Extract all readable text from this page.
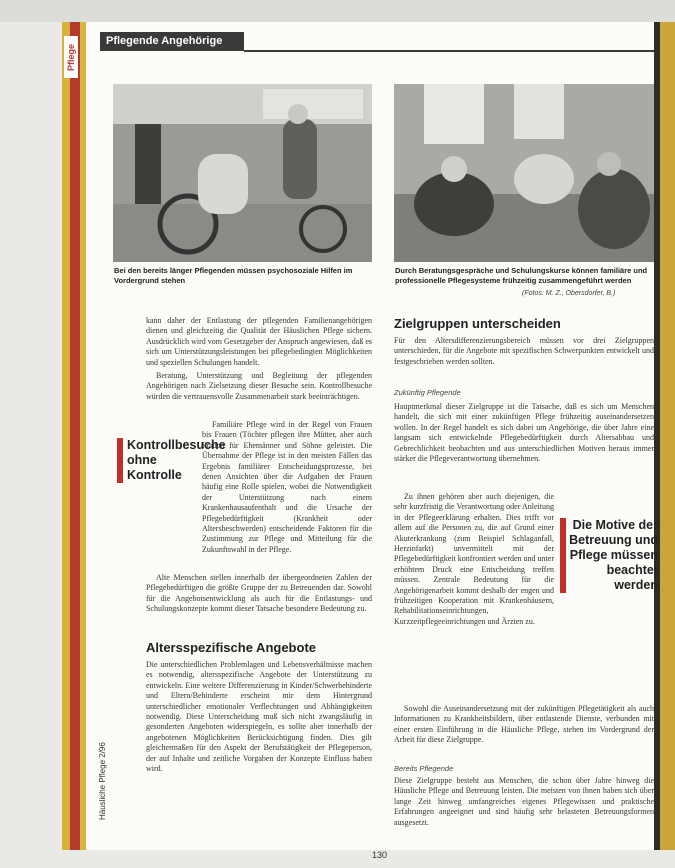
Pflege
Pflegende Angehörige
Bei den bereits länger Pflegenden müssen psychosoziale Hilfen im Vordergrund stehen
Durch Beratungsgespräche und Schulungskurse können familiäre und professionelle Pflegesysteme frühzeitig zusammengeführt werden
(Fotos: M. Z., Obersdorfer, B.)

kann daher der Entlastung der pflegenden Familienangehörigen dienen und gleichzeitig die Qualität der Häuslichen Pflege sichern. Ausdrücklich wird vom Gesetzgeber der Anspruch angewiesen, daß es sich um Unterstützungsleistungen bei pflegebedingten Möglichkeiten und speziellen Schulungen handelt.

Beratung, Unterstützung und Begleitung der pflegenden Angehörigen nach Zielsetzung dieser Besuche sein. Kontrollbesuche würden die vertrauensvolle Zusammenarbeit stark beeinträchtigen.

Kontrollbesuche ohne Kontrolle

Familiäre Pflege wird in der Regel von Frauen bis Frauen (Töchter pflegen ihre Mütter, aber auch Frauen für Ehemänner und Söhne geleistet. Die Übernahme der Pflege ist in den meisten Fällen das Ergebnis familiärer Entscheidungsprozesse, bei denen Ansichten über die Aufgaben der Frauen häufig eine Rolle spielen, wobei die Notwendigkeit der Unterstützung nach einem Krankenhausaufenthalt und die Ursache der Pflegebedürftigkeit (Krankheit oder Altersbeschwerden) entscheidende Faktoren für die Zustimmung zur Pflege und Mitteilung für die Zukunftswahl in der Pflege.

Alte Menschen stellen innerhalb der übergeordneten Zahlen der Pflegebedürftigen die größte Gruppe der zu Betreuenden dar. Sowohl für die Angebotsentwicklung als auch für die Entlastungs- und Schulungskonzepte kommt dieser Tatsache besondere Bedeutung zu.

Altersspezifische Angebote

Die unterschiedlichen Problemlagen und Lebensverhältnisse machen es notwendig, altersspezifische Angebote der Unterstützung zu entwickeln. Eine weitere Differenzierung in Kinder/Schwerbehinderte und Eltern/Behinderte erscheint mir dem Hintergrund unterschiedlicher emotionaler Verflechtungen und Abhängigkeiten notwendig. Diese Unterscheidung muß sich nicht zwangsläufig in gesonderten Angeboten widerspiegeln, es sollte aber innerhalb der angebotenen Möglichkeiten Berücksichtigung finden. Dies gilt gleichermaßen für den Aspekt der Berufstätigkeit der Pflegeperson, der auf Inhalte und zeitliche Vorgaben der Konzepte Einfluss haben wird.

Zielgruppen unterscheiden

Für den Altersdifferenzierungsbereich müssen vor drei Zielgruppen unterschieden, für die Angebote mit spezifischen Schwerpunkten entwickelt und festgeschrieben werden sollten.

Zukünftig Pflegende

Hauptmerkmal dieser Zielgruppe ist die Tatsache, daß es sich um Menschen handelt, die sich mit einer zukünftigen Pflege frühzeitig auseinandersetzen wollen. In der Regel handelt es sich dabei um Angehörige, die über Jahre eine langsam sich entwickelnde Pflegebedürftigkeit durch Altersabbau und Gebrechlichkeit beobachten und aus unterschiedlichen Motiven heraus immer stärker die Pflegeverantwortung übernehmen.

Zu ihnen gehören aber auch diejenigen, die sehr kurzfristig die Verantwortung oder Anleitung in der Pflegeerklärung erhalten. Dies trifft vor allem auf die Personen zu, die auf Grund einer Akuterkrankung (zum Beispiel Schlaganfall, Herzinfarkt) unvermittelt mit der Pflegebedürftigkeit konfrontiert werden und unter erhöhtem Druck eine Entscheidung treffen müssen. Zentrale Bedeutung für die Angehörigenarbeit kommt deshalb der engen und frühzeitigen Kooperation mit Krankenhäusern, Rehabilitationseinrichtungen, Kurzzeitpflegeeinrichtungen und Ärzten zu.

Die Motive der Betreuung und Pflege müssen beachtet werden

Sowohl die Auseinandersetzung mit der zukünftigen Pflegetätigkeit als auch Informationen zu Krankheitsbildern, über entlastende Dienste, verbunden mit einer ersten Einführung in die Häusliche Pflege, stehen im Vordergrund der Arbeit für diese Zielgruppe.

Bereits Pflegende

Diese Zielgruppe besteht aus Menschen, die schon über Jahre hinweg die Häusliche Pflege und Betreuung leisten. Die meisten von ihnen haben sich über lange Zeit hinweg umfangreiches eigenes Pflegewissen und praktische Erfahrungen angeeignet und sind häufig sehr belasteten Betreuungsformen ausgesetzt.

Häusliche Pflege 2/96
130
